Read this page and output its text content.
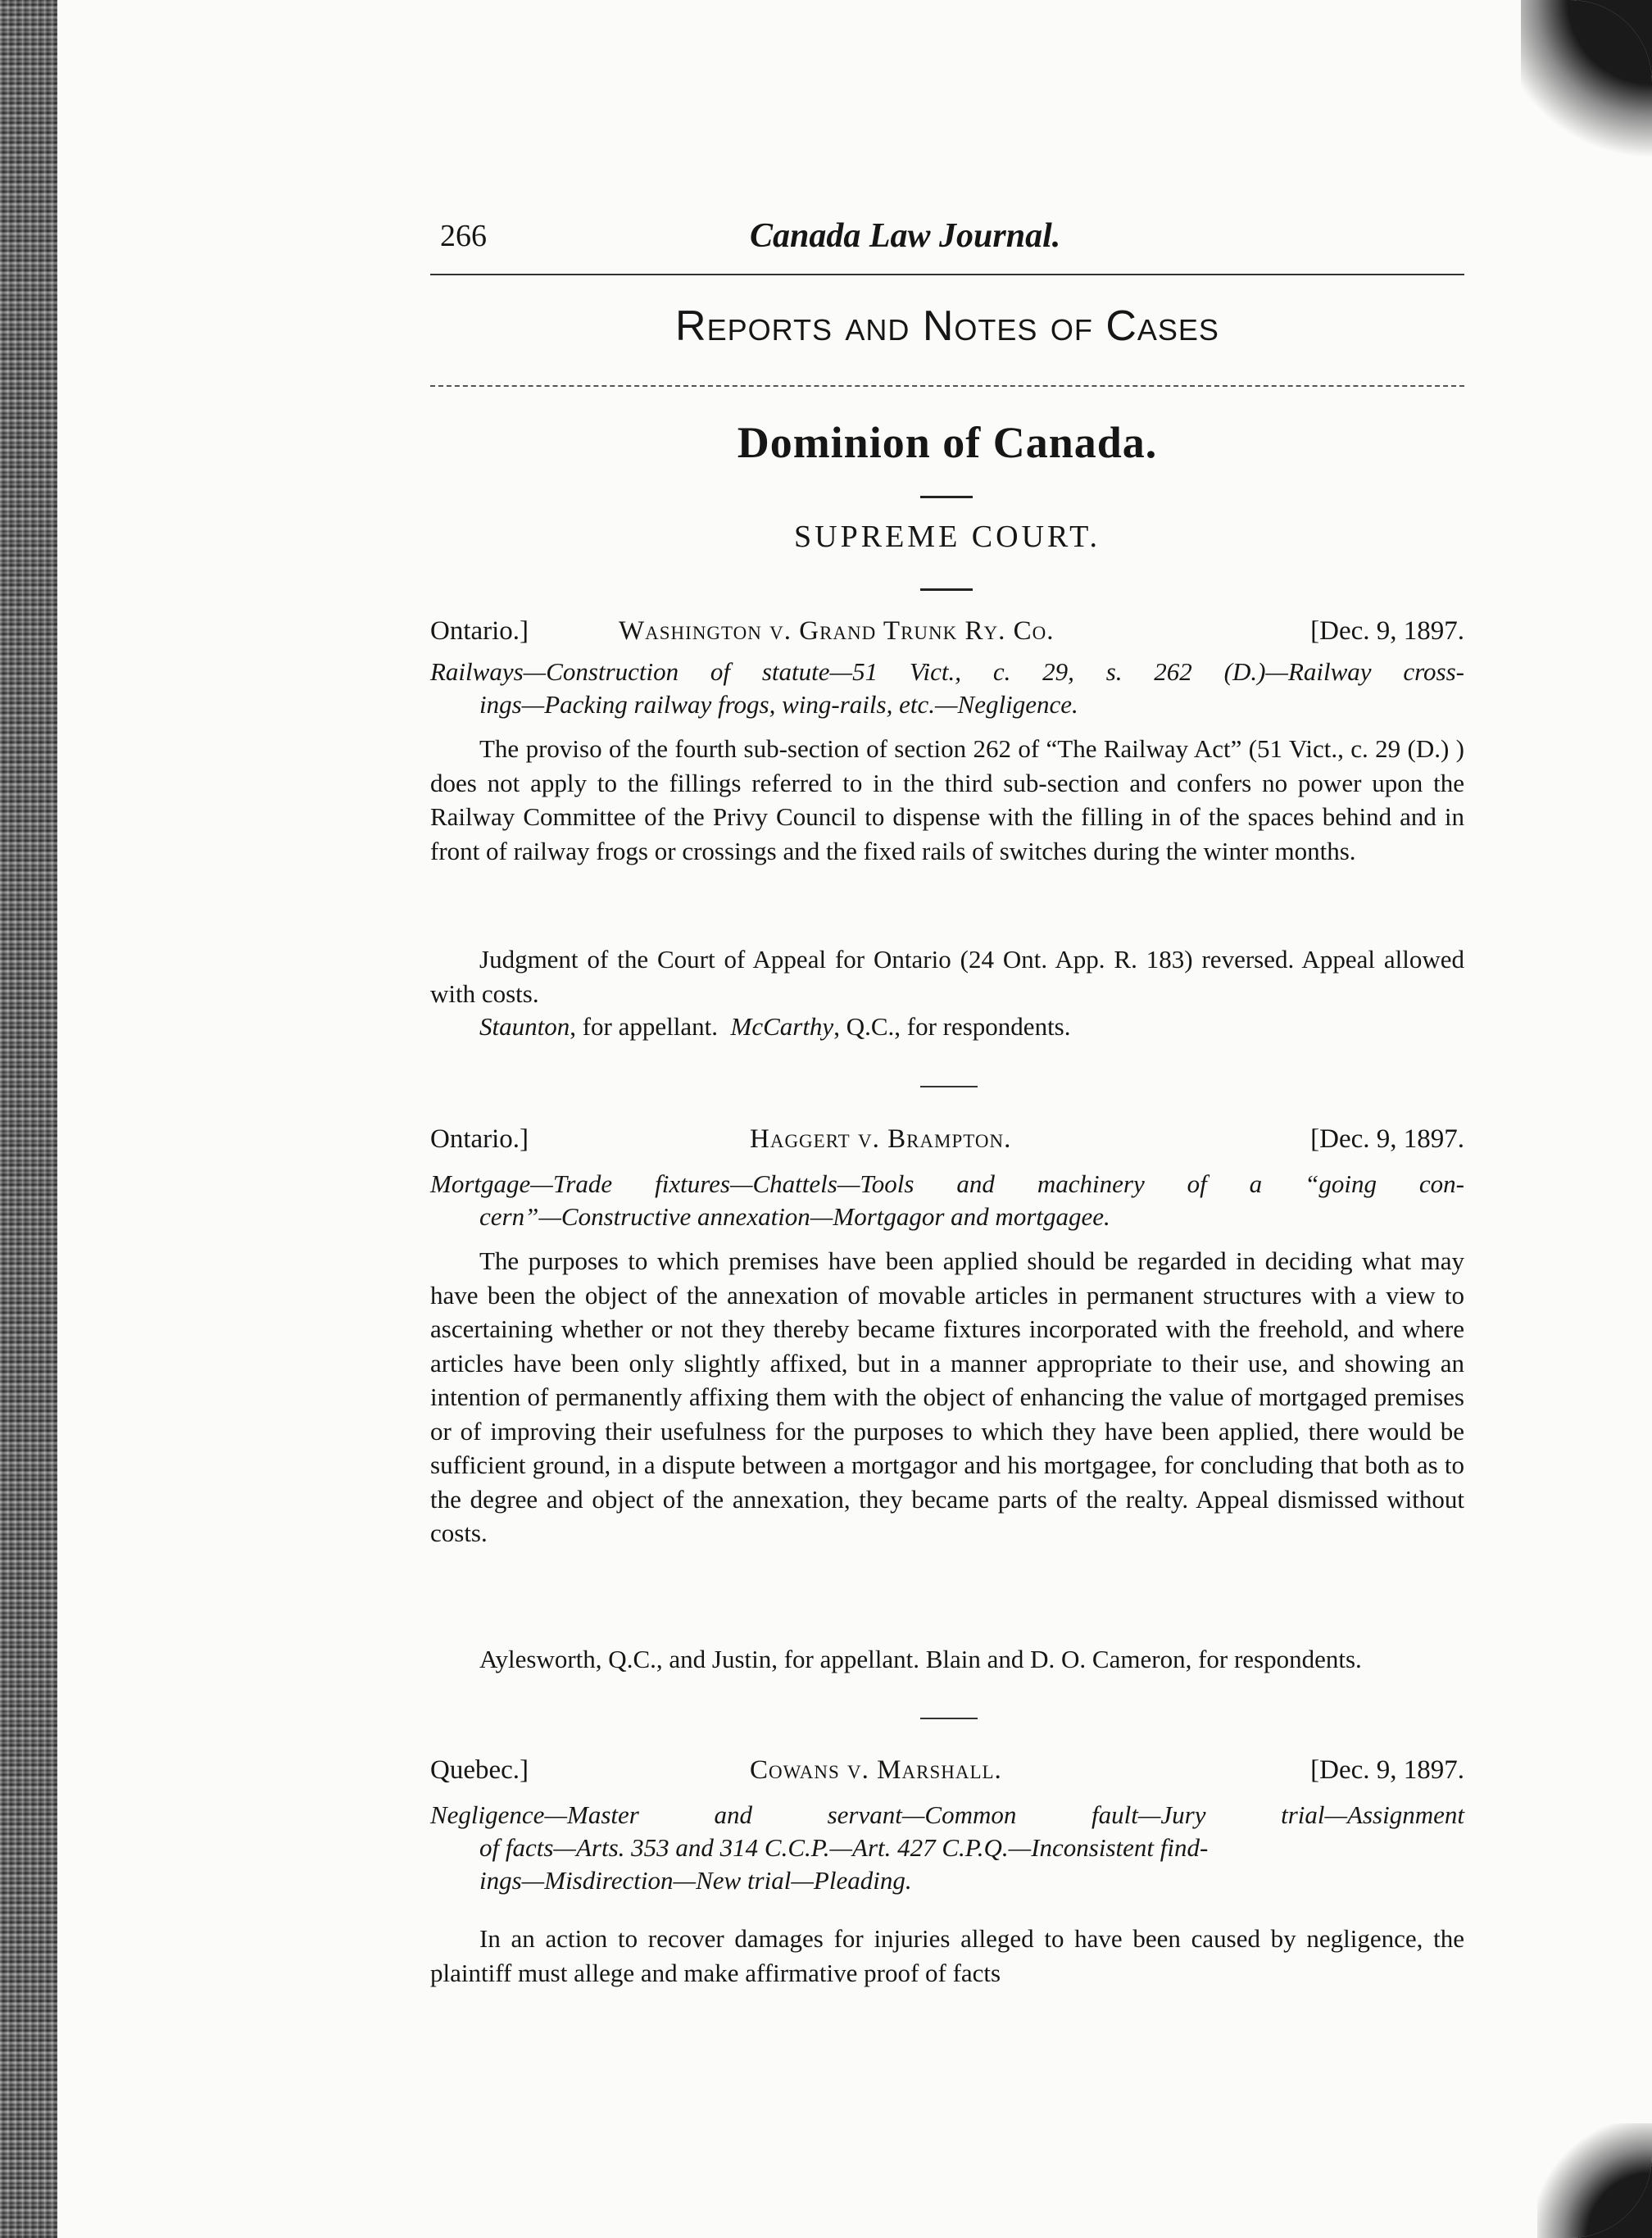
266	Canada Law Journal.
Reports and Notes of Cases
Dominion of Canada.
SUPREME COURT.
Ontario.]	Washington v. Grand Trunk Ry. Co.	[Dec. 9, 1897.
Railways—Construction of statute—51 Vict., c. 29, s. 262 (D.)—Railway cross-
ings—Packing railway frogs, wing-rails, etc.—Negligence.
The proviso of the fourth sub-section of section 262 of “The Railway Act” (51 Vict., c. 29 (D.) ) does not apply to the fillings referred to in the third sub-section and confers no power upon the Railway Committee of the Privy Council to dispense with the filling in of the spaces behind and in front of railway frogs or crossings and the fixed rails of switches during the winter months.
Judgment of the Court of Appeal for Ontario (24 Ont. App. R. 183) reversed. Appeal allowed with costs.
Staunton, for appellant. McCarthy, Q.C., for respondents.
Ontario.]	Haggert v. Brampton.	[Dec. 9, 1897.
Mortgage—Trade fixtures—Chattels—Tools and machinery of a “going con-
cern”—Constructive annexation—Mortgagor and mortgagee.
The purposes to which premises have been applied should be regarded in deciding what may have been the object of the annexation of movable articles in permanent structures with a view to ascertaining whether or not they thereby became fixtures incorporated with the freehold, and where articles have been only slightly affixed, but in a manner appropriate to their use, and showing an intention of permanently affixing them with the object of enhancing the value of mortgaged premises or of improving their usefulness for the purposes to which they have been applied, there would be sufficient ground, in a dispute between a mortgagor and his mortgagee, for concluding that both as to the degree and object of the annexation, they became parts of the realty. Appeal dismissed without costs.
Aylesworth, Q.C., and Justin, for appellant. Blain and D. O. Cameron, for respondents.
Quebec.]	Cowans v. Marshall.	[Dec. 9, 1897.
Negligence—Master and servant—Common fault—Jury trial—Assignment
of facts—Arts. 353 and 314 C.C.P.—Art. 427 C.P.Q.—Inconsistent find-
ings—Misdirection—New trial—Pleading.
In an action to recover damages for injuries alleged to have been caused by negligence, the plaintiff must allege and make affirmative proof of facts
